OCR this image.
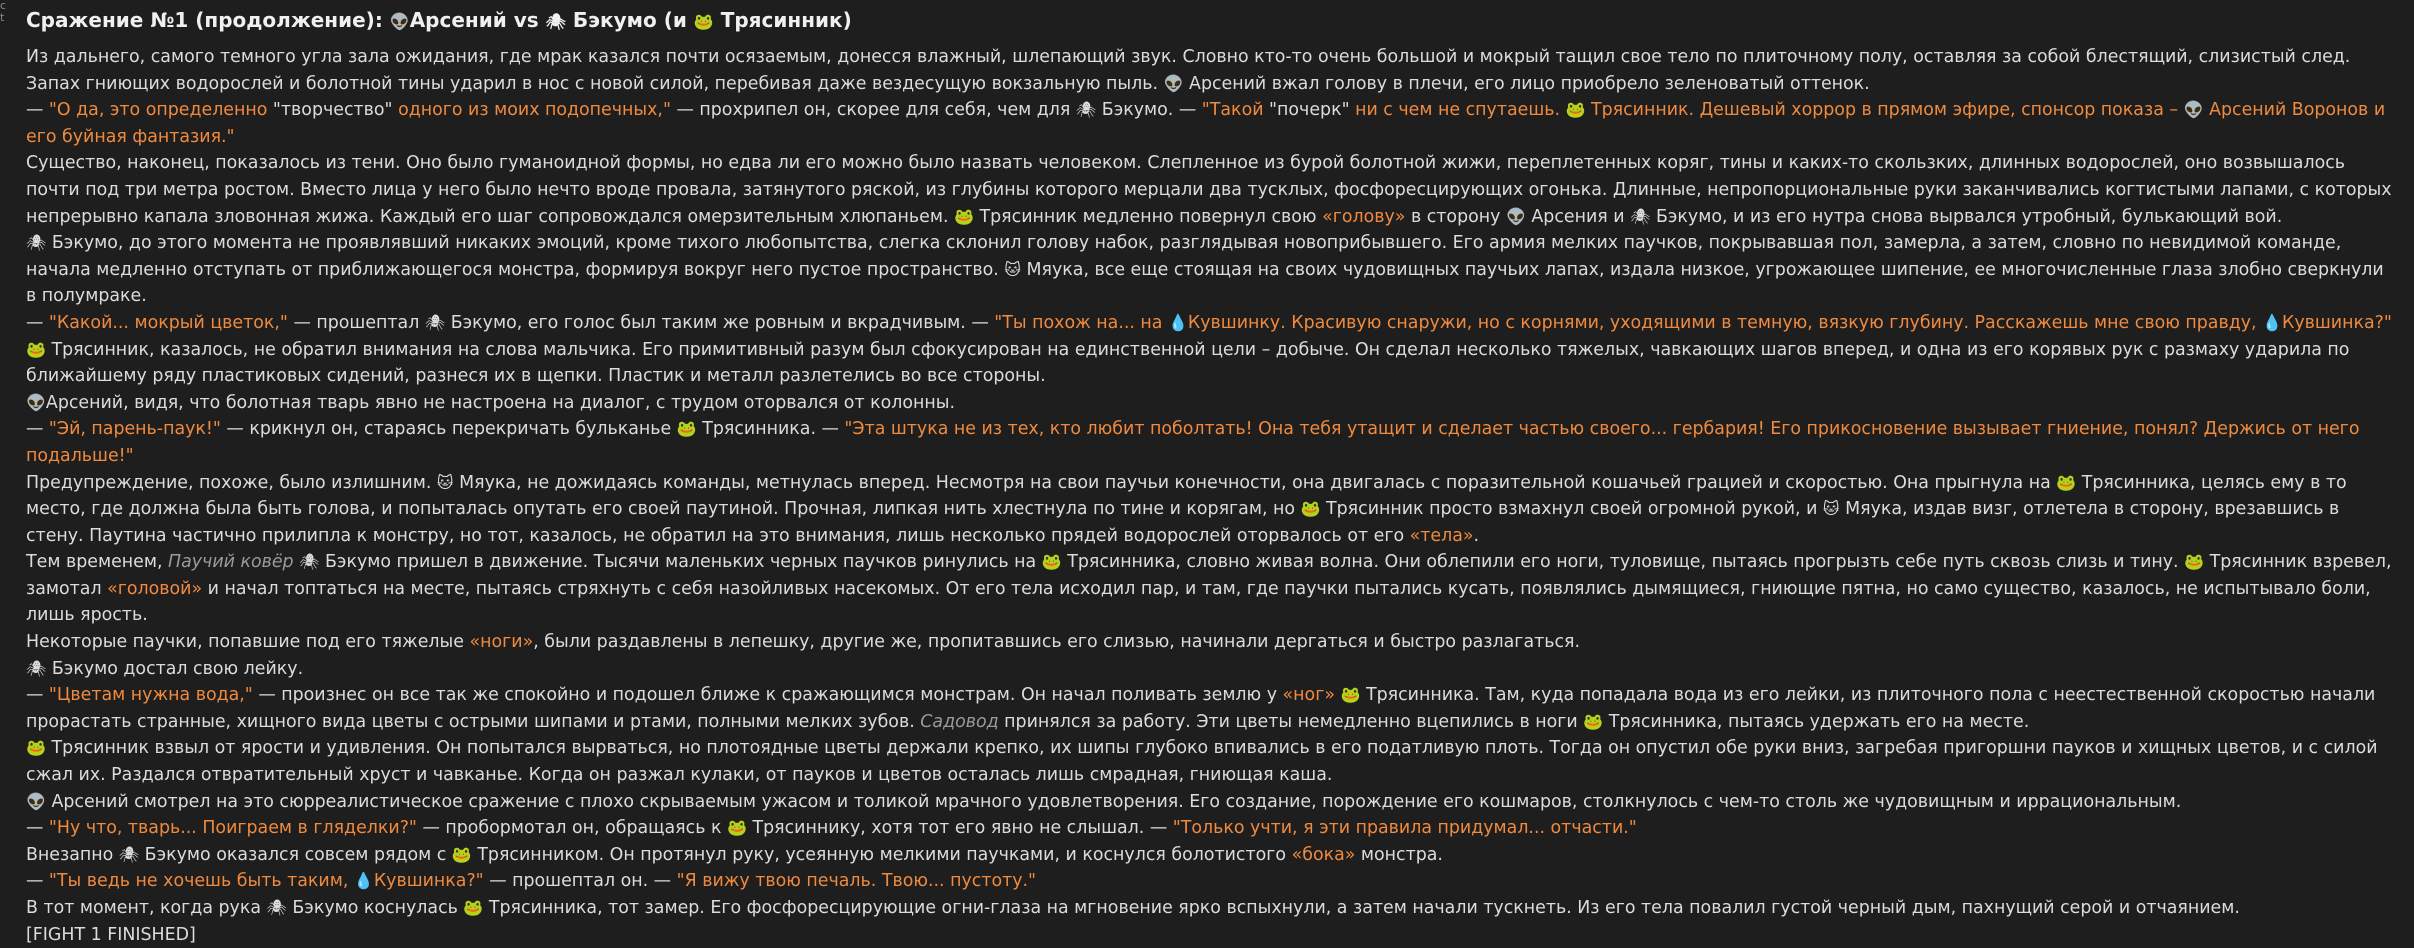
c
t	Сражение №1 (продолжение): 👽Арсений vs 🕷 Бэкумо (и 🐸 Трясинник)

Из дальнего, самого темного угла зала ожидания, где мрак казался почти осязаемым, донесся влажный, шлепающий звук. Словно кто-то очень большой и мокрый тащил свое тело по плиточному полу, оставляя за собой блестящий, слизистый след. Запах гниющих водорослей и болотной тины ударил в нос с новой силой, перебивая даже вездесущую вокзальную пыль. 👽 Арсений вжал голову в плечи, его лицо приобрело зеленоватый оттенок.

— "О да, это определенно "творчество" одного из моих подопечных," — прохрипел он, скорее для себя, чем для 🕷 Бэкумо. — "Такой "почерк" ни с чем не спутаешь. 🐸 Трясинник. Дешевый хоррор в прямом эфире, спонсор показа – 👽 Арсений Воронов и его буйная фантазия."

Существо, наконец, показалось из тени. Оно было гуманоидной формы, но едва ли его можно было назвать человеком. Слепленное из бурой болотной жижи, переплетенных коряг, тины и каких-то скользких, длинных водорослей, оно возвышалось почти под три метра ростом. Вместо лица у него было нечто вроде провала, затянутого ряской, из глубины которого мерцали два тусклых, фосфоресцирующих огонька. Длинные, непропорциональные руки заканчивались когтистыми лапами, с которых непрерывно капала зловонная жижа. Каждый его шаг сопровождался омерзительным хлюпаньем. 🐸 Трясинник медленно повернул свою «голову» в сторону 👽 Арсения и 🕷 Бэкумо, и из его нутра снова вырвался утробный, булькающий вой.

🕷 Бэкумо, до этого момента не проявлявший никаких эмоций, кроме тихого любопытства, слегка склонил голову набок, разглядывая новоприбывшего. Его армия мелких паучков, покрывавшая пол, замерла, а затем, словно по невидимой команде, начала медленно отступать от приближающегося монстра, формируя вокруг него пустое пространство. 🐱 Мяука, все еще стоящая на своих чудовищных паучьих лапах, издала низкое, угрожающее шипение, ее многочисленные глаза злобно сверкнули в полумраке.

— "Какой... мокрый цветок," — прошептал 🕷 Бэкумо, его голос был таким же ровным и вкрадчивым. — "Ты похож на... на 💧Кувшинку. Красивую снаружи, но с корнями, уходящими в темную, вязкую глубину. Расскажешь мне свою правду, 💧Кувшинка?"

🐸 Трясинник, казалось, не обратил внимания на слова мальчика. Его примитивный разум был сфокусирован на единственной цели – добыче. Он сделал несколько тяжелых, чавкающих шагов вперед, и одна из его корявых рук с размаху ударила по ближайшему ряду пластиковых сидений, разнеся их в щепки. Пластик и металл разлетелись во все стороны.

👽Арсений, видя, что болотная тварь явно не настроена на диалог, с трудом оторвался от колонны.

— "Эй, парень-паук!" — крикнул он, стараясь перекричать бульканье 🐸 Трясинника. — "Эта штука не из тех, кто любит поболтать! Она тебя утащит и сделает частью своего... гербария! Его прикосновение вызывает гниение, понял? Держись от него подальше!"

Предупреждение, похоже, было излишним. 🐱 Мяука, не дожидаясь команды, метнулась вперед. Несмотря на свои паучьи конечности, она двигалась с поразительной кошачьей грацией и скоростью. Она прыгнула на 🐸 Трясинника, целясь ему в то место, где должна была быть голова, и попыталась опутать его своей паутиной. Прочная, липкая нить хлестнула по тине и корягам, но 🐸 Трясинник просто взмахнул своей огромной рукой, и 🐱 Мяука, издав визг, отлетела в сторону, врезавшись в стену. Паутина частично прилипла к монстру, но тот, казалось, не обратил на это внимания, лишь несколько прядей водорослей оторвалось от его «тела».

Тем временем, Паучий ковёр 🕷 Бэкумо пришел в движение. Тысячи маленьких черных паучков ринулись на 🐸 Трясинника, словно живая волна. Они облепили его ноги, туловище, пытаясь прогрызть себе путь сквозь слизь и тину. 🐸 Трясинник взревел, замотал «головой» и начал топтаться на месте, пытаясь стряхнуть с себя назойливых насекомых. От его тела исходил пар, и там, где паучки пытались кусать, появлялись дымящиеся, гниющие пятна, но само существо, казалось, не испытывало боли, лишь ярость.

Некоторые паучки, попавшие под его тяжелые «ноги», были раздавлены в лепешку, другие же, пропитавшись его слизью, начинали дергаться и быстро разлагаться.

🕷 Бэкумо достал свою лейку.

— "Цветам нужна вода," — произнес он все так же спокойно и подошел ближе к сражающимся монстрам. Он начал поливать землю у «ног» 🐸 Трясинника. Там, куда попадала вода из его лейки, из плиточного пола с неестественной скоростью начали прорастать странные, хищного вида цветы с острыми шипами и ртами, полными мелких зубов. Садовод принялся за работу. Эти цветы немедленно вцепились в ноги 🐸 Трясинника, пытаясь удержать его на месте.

🐸 Трясинник взвыл от ярости и удивления. Он попытался вырваться, но плотоядные цветы держали крепко, их шипы глубоко впивались в его податливую плоть. Тогда он опустил обе руки вниз, загребая пригоршни пауков и хищных цветов, и с силой сжал их. Раздался отвратительный хруст и чавканье. Когда он разжал кулаки, от пауков и цветов осталась лишь смрадная, гниющая каша.

👽 Арсений смотрел на это сюрреалистическое сражение с плохо скрываемым ужасом и толикой мрачного удовлетворения. Его создание, порождение его кошмаров, столкнулось с чем-то столь же чудовищным и иррациональным.

— "Ну что, тварь... Поиграем в гляделки?" — пробормотал он, обращаясь к 🐸 Трясиннику, хотя тот его явно не слышал. — "Только учти, я эти правила придумал... отчасти."

Внезапно 🕷 Бэкумо оказался совсем рядом с 🐸 Трясинником. Он протянул руку, усеянную мелкими паучками, и коснулся болотистого «бока» монстра.

— "Ты ведь не хочешь быть таким, 💧Кувшинка?" — прошептал он. — "Я вижу твою печаль. Твою... пустоту."

В тот момент, когда рука 🕷 Бэкумо коснулась 🐸 Трясинника, тот замер. Его фосфоресцирующие огни-глаза на мгновение ярко вспыхнули, а затем начали тускнеть. Из его тела повалил густой черный дым, пахнущий серой и отчаянием.

[FIGHT 1 FINISHED]
